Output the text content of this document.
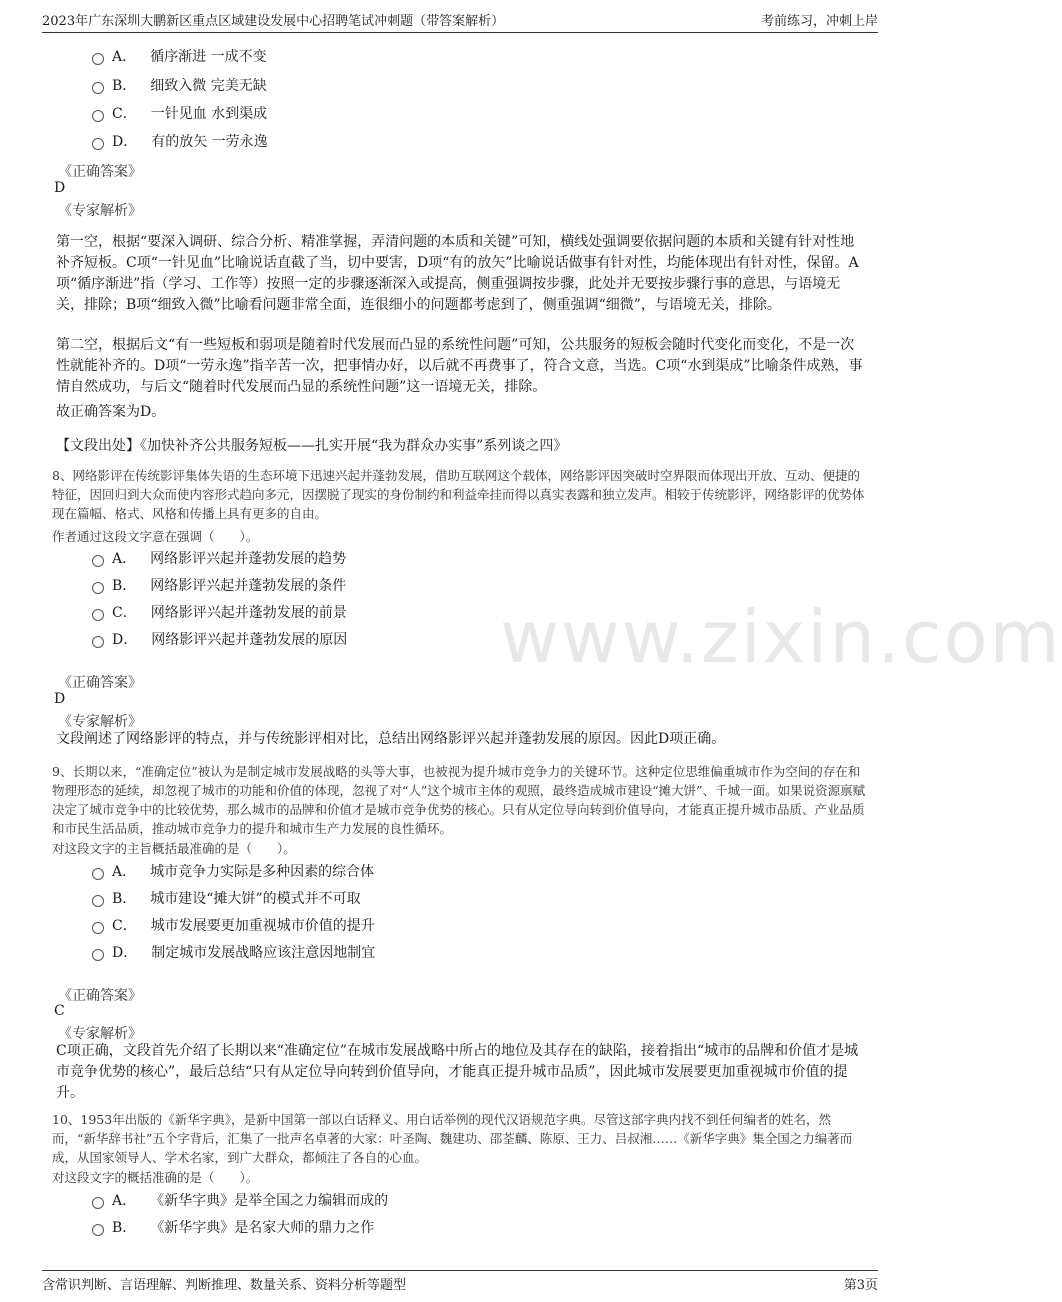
2023年广东深圳大鹏新区重点区域建设发展中心招聘笔试冲刺题（带答案解析）	考前练习，冲刺上岸
www.zixin.com
A． 循序渐进 一成不变
B． 细致入微 完美无缺
C． 一针见血 水到渠成
D． 有的放矢 一劳永逸
《正确答案》
D
《专家解析》
第一空，根据“要深入调研、综合分析、精准掌握，弄清问题的本质和关键”可知，横线处强调要依据问题的本质和关键有针对性地补齐短板。C项“一针见血”比喻说话直截了当，切中要害，D项“有的放矢”比喻说话做事有针对性，均能体现出有针对性，保留。A项“循序渐进”指（学习、工作等）按照一定的步骤逐渐深入或提高，侧重强调按步骤，此处并无要按步骤行事的意思，与语境无关，排除；B项“细致入微”比喻看问题非常全面，连很细小的问题都考虑到了，侧重强调“细微”，与语境无关，排除。
第二空，根据后文“有一些短板和弱项是随着时代发展而凸显的系统性问题”可知，公共服务的短板会随时代变化而变化，不是一次性就能补齐的。D项“一劳永逸”指辛苦一次，把事情办好，以后就不再费事了，符合文意，当选。C项“水到渠成”比喻条件成熟，事情自然成功，与后文“随着时代发展而凸显的系统性问题”这一语境无关，排除。
故正确答案为D。
【文段出处】《加快补齐公共服务短板——扎实开展“我为群众办实事”系列谈之四》
8、网络影评在传统影评集体失语的生态环境下迅速兴起并蓬勃发展，借助互联网这个载体，网络影评因突破时空界限而体现出开放、互动、便捷的特征，因回归到大众而使内容形式趋向多元，因摆脱了现实的身份制约和利益牵挂而得以真实表露和独立发声。相较于传统影评，网络影评的优势体现在篇幅、格式、风格和传播上具有更多的自由。
作者通过这段文字意在强调（　　）。
A． 网络影评兴起并蓬勃发展的趋势
B． 网络影评兴起并蓬勃发展的条件
C． 网络影评兴起并蓬勃发展的前景
D． 网络影评兴起并蓬勃发展的原因
《正确答案》
D
《专家解析》
文段阐述了网络影评的特点，并与传统影评相对比，总结出网络影评兴起并蓬勃发展的原因。因此D项正确。
9、长期以来，“准确定位”被认为是制定城市发展战略的头等大事，也被视为提升城市竞争力的关键环节。这种定位思维偏重城市作为空间的存在和物理形态的延续，却忽视了城市的功能和价值的体现，忽视了对“人”这个城市主体的观照，最终造成城市建设“摊大饼”、千城一面。如果说资源禀赋决定了城市竞争中的比较优势，那么城市的品牌和价值才是城市竞争优势的核心。只有从定位导向转到价值导向，才能真正提升城市品质、产业品质和市民生活品质，推动城市竞争力的提升和城市生产力发展的良性循环。
对这段文字的主旨概括最准确的是（　　）。
A． 城市竞争力实际是多种因素的综合体
B． 城市建设“摊大饼”的模式并不可取
C． 城市发展要更加重视城市价值的提升
D． 制定城市发展战略应该注意因地制宜
《正确答案》
C
《专家解析》
C项正确，文段首先介绍了长期以来“准确定位”在城市发展战略中所占的地位及其存在的缺陷，接着指出“城市的品牌和价值才是城市竞争优势的核心”，最后总结“只有从定位导向转到价值导向，才能真正提升城市品质”，因此城市发展要更加重视城市价值的提升。
10、1953年出版的《新华字典》，是新中国第一部以白话释义、用白话举例的现代汉语规范字典。尽管这部字典内找不到任何编者的姓名，然而，“新华辞书社”五个字背后，汇集了一批声名卓著的大家：叶圣陶、魏建功、邵荃麟、陈原、王力、吕叔湘……《新华字典》集全国之力编著而成，从国家领导人、学术名家，到广大群众，都倾注了各自的心血。
对这段文字的概括准确的是（　　）。
A． 《新华字典》是举全国之力编辑而成的
B． 《新华字典》是名家大师的鼎力之作
含常识判断、言语理解、判断推理、数量关系、资料分析等题型	第3页
